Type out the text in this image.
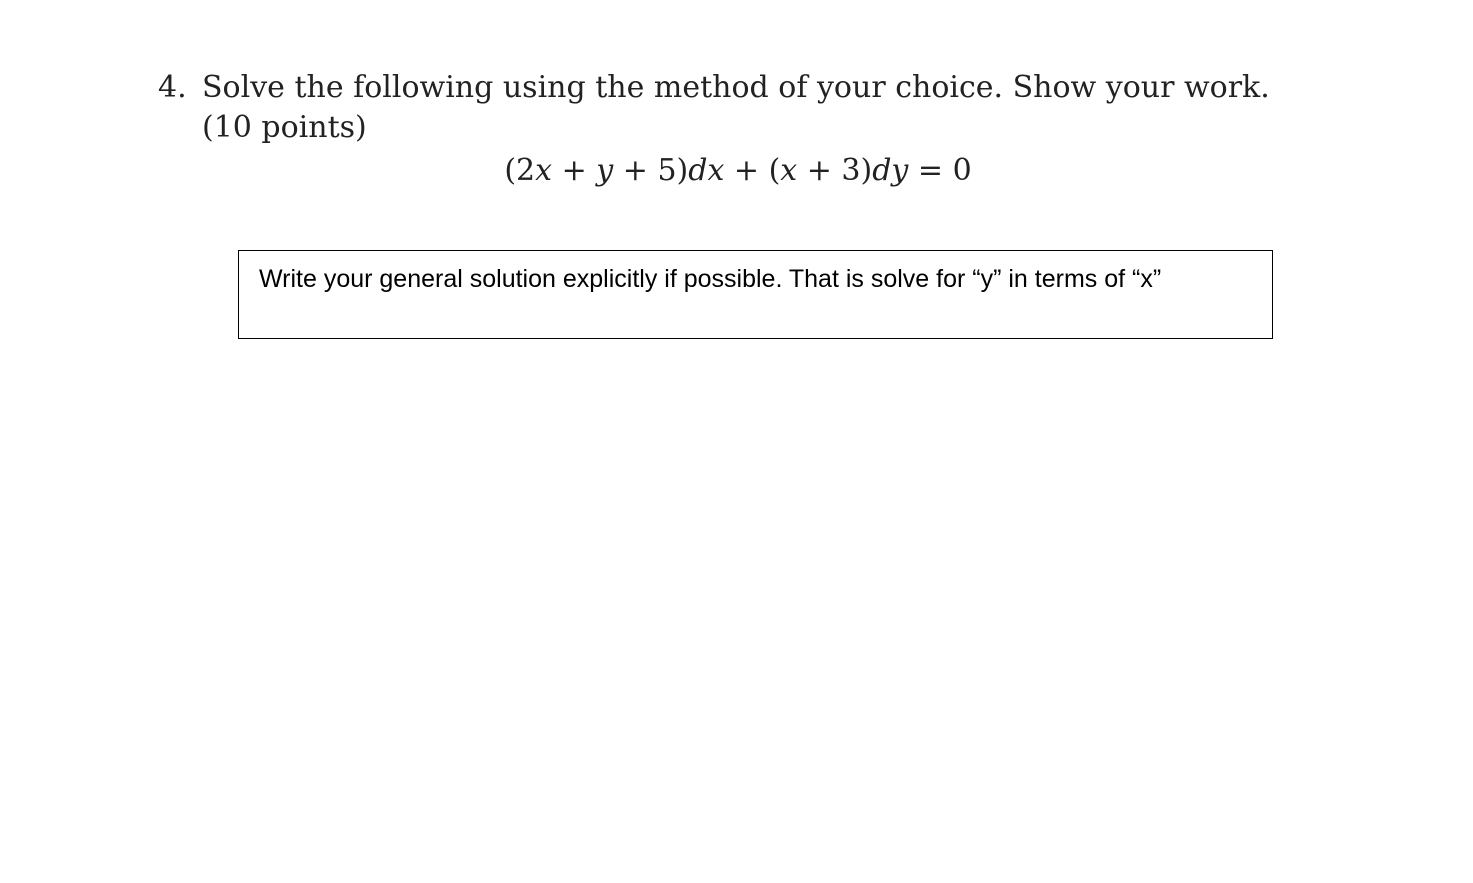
4. Solve the following using the method of your choice. Show your work. (10 points)
(2x + y + 5)dx + (x + 3)dy = 0
Write your general solution explicitly if possible. That is solve for “y” in terms of “x”
